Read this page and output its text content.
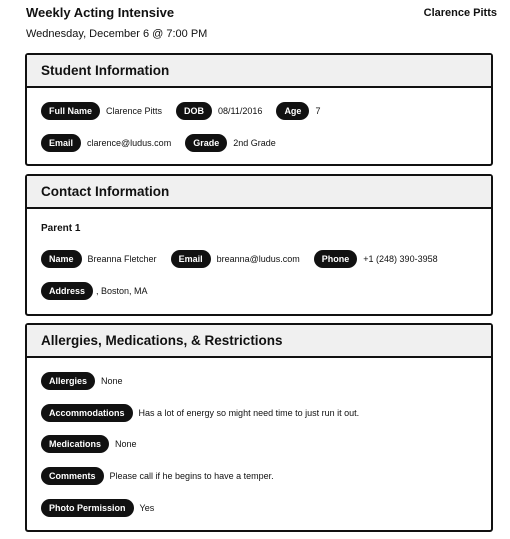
Weekly Acting Intensive
Wednesday, December 6 @ 7:00 PM
Clarence Pitts
Student Information
Full Name	Clarence Pitts	DOB	08/11/2016	Age	7
Email	clarence@ludus.com	Grade	2nd Grade
Contact Information
Parent 1
Name	Breanna Fletcher	Email	breanna@ludus.com	Phone	+1 (248) 390-3958
Address	, Boston, MA
Allergies, Medications, & Restrictions
Allergies	None
Accommodations	Has a lot of energy so might need time to just run it out.
Medications	None
Comments	Please call if he begins to have a temper.
Photo Permission	Yes
